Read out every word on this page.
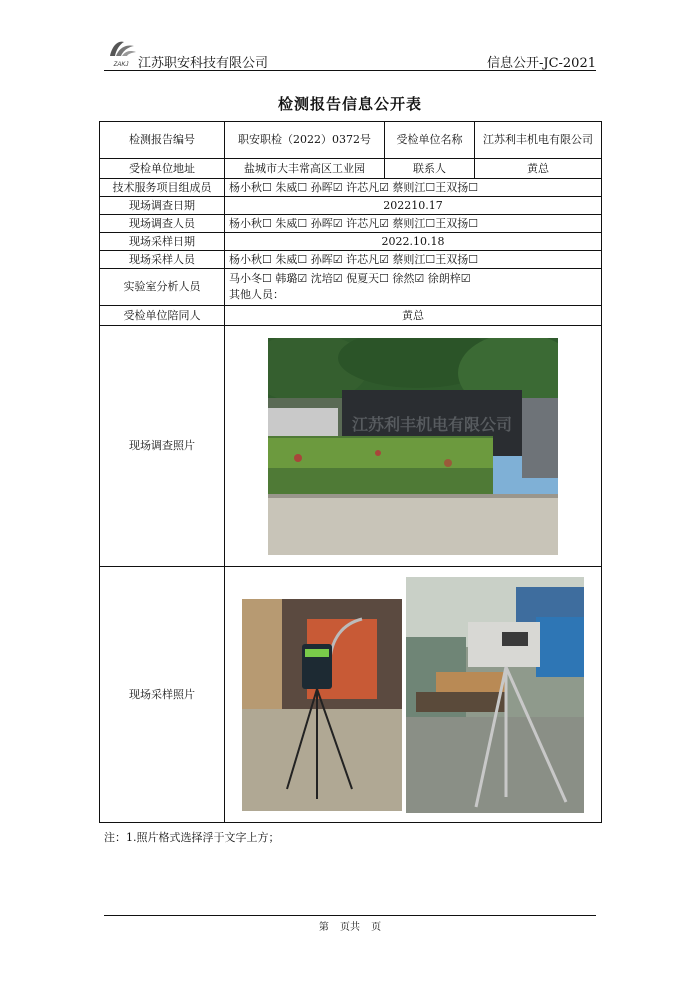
ZAKJ 江苏职安科技有限公司	信息公开-JC-2021
检测报告信息公开表
检测报告编号	职安职检（2022）0372号	受检单位名称	江苏利丰机电有限公司
受检单位地址	盐城市大丰常高区工业园	联系人	黄总
技术服务项目组成员	杨小秋☐ 朱威☐ 孙晖☑ 许芯凡☑ 蔡则江☐王双扬☐		
现场调查日期	202210.17		
现场调查人员	杨小秋☐ 朱威☐ 孙晖☑ 许芯凡☑ 蔡则江☐王双扬☐		
现场采样日期	2022.10.18		
现场采样人员	杨小秋☐ 朱威☐ 孙晖☑ 许芯凡☑ 蔡则江☐王双扬☐		
实验室分析人员	马小冬☐ 韩璐☑ 沈培☑ 倪夏天☐ 徐然☑ 徐朗梓☑
其他人员：		

受检单位陪同人	黄总		
现场调查照片	江苏利丰机电有限公司		

现场采样照片	
注：1.照片格式选择浮于文字上方；
第 页共 页
